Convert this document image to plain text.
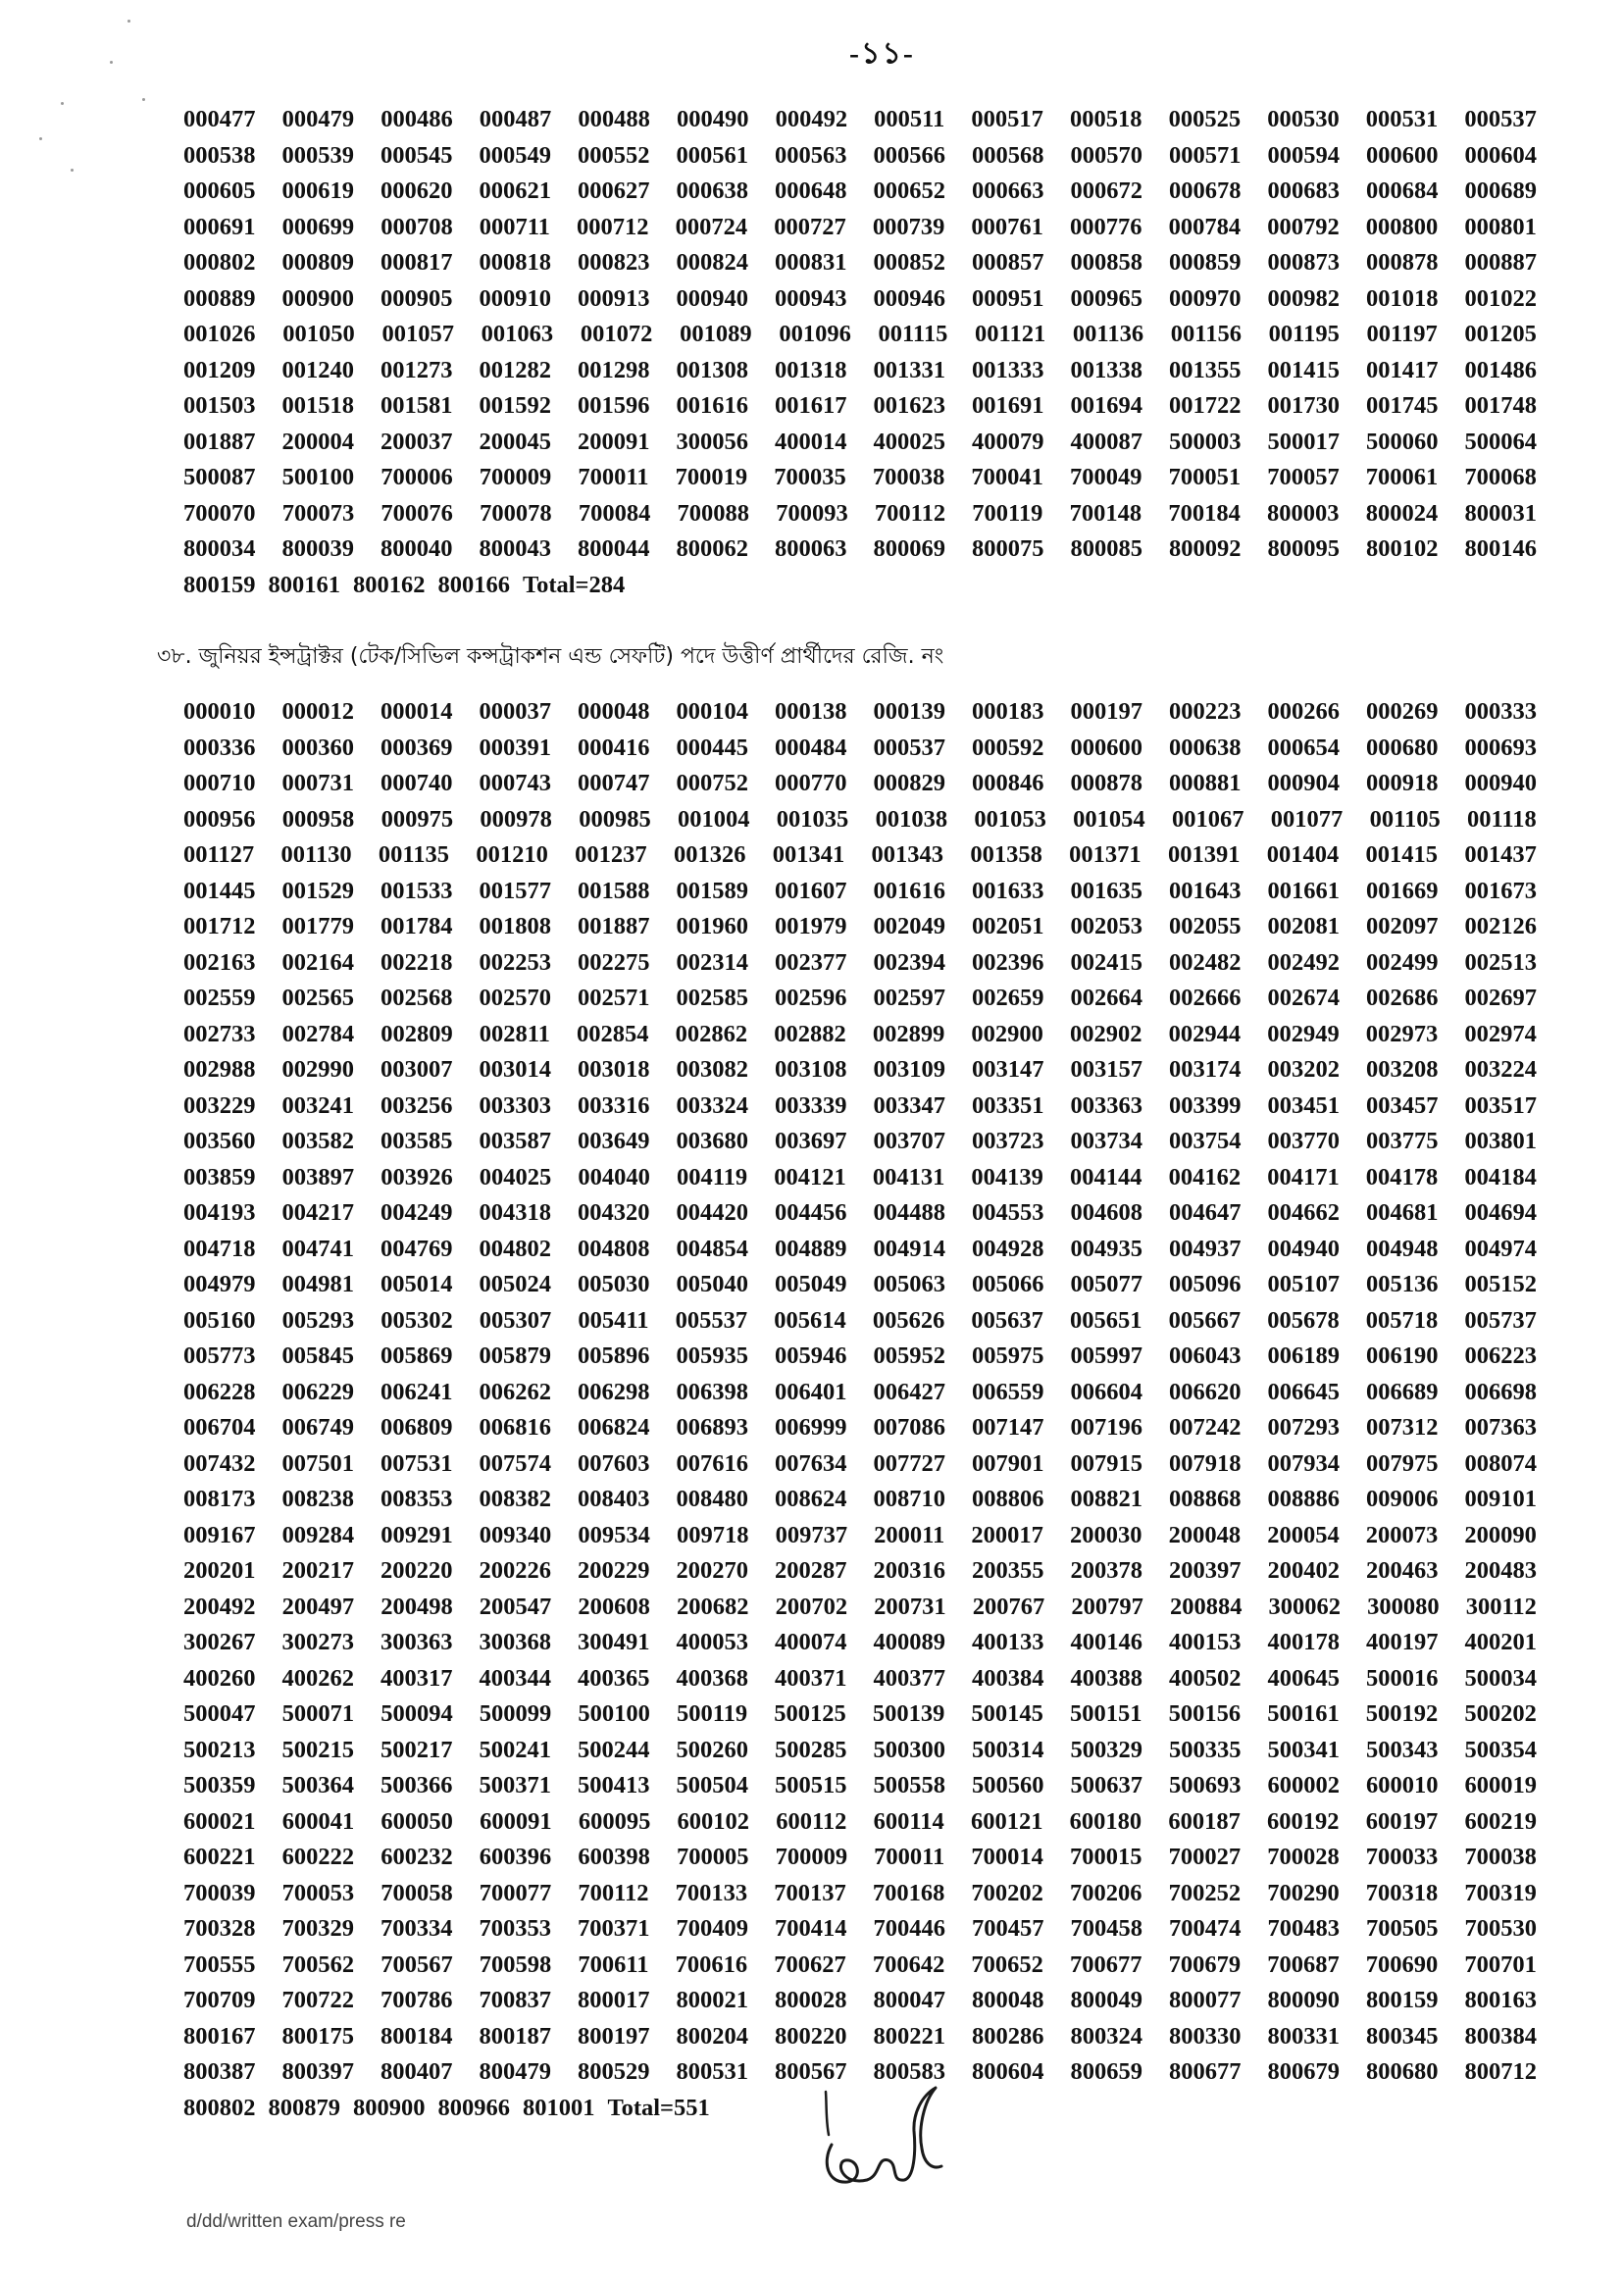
-১১-
000477 000479 000486 000487 000488 000490 000492 000511 000517 000518 000525 000530 000531 000537
000538 000539 000545 000549 000552 000561 000563 000566 000568 000570 000571 000594 000600 000604
000605 000619 000620 000621 000627 000638 000648 000652 000663 000672 000678 000683 000684 000689
000691 000699 000708 000711 000712 000724 000727 000739 000761 000776 000784 000792 000800 000801
000802 000809 000817 000818 000823 000824 000831 000852 000857 000858 000859 000873 000878 000887
000889 000900 000905 000910 000913 000940 000943 000946 000951 000965 000970 000982 001018 001022
001026 001050 001057 001063 001072 001089 001096 001115 001121 001136 001156 001195 001197 001205
001209 001240 001273 001282 001298 001308 001318 001331 001333 001338 001355 001415 001417 001486
001503 001518 001581 001592 001596 001616 001617 001623 001691 001694 001722 001730 001745 001748
001887 200004 200037 200045 200091 300056 400014 400025 400079 400087 500003 500017 500060 500064
500087 500100 700006 700009 700011 700019 700035 700038 700041 700049 700051 700057 700061 700068
700070 700073 700076 700078 700084 700088 700093 700112 700119 700148 700184 800003 800024 800031
800034 800039 800040 800043 800044 800062 800063 800069 800075 800085 800092 800095 800102 800146
800159 800161 800162 800166 Total=284
৩৮. জুনিয়র ইন্সট্রাক্টর (টেক/সিভিল কন্সট্রাকশন এন্ড সেফটি) পদে উত্তীর্ণ প্রার্থীদের রেজি. নং
000010 000012 000014 000037 000048 000104 000138 000139 000183 000197 000223 000266 000269 000333
000336 000360 000369 000391 000416 000445 000484 000537 000592 000600 000638 000654 000680 000693
000710 000731 000740 000743 000747 000752 000770 000829 000846 000878 000881 000904 000918 000940
000956 000958 000975 000978 000985 001004 001035 001038 001053 001054 001067 001077 001105 001118
001127 001130 001135 001210 001237 001326 001341 001343 001358 001371 001391 001404 001415 001437
001445 001529 001533 001577 001588 001589 001607 001616 001633 001635 001643 001661 001669 001673
001712 001779 001784 001808 001887 001960 001979 002049 002051 002053 002055 002081 002097 002126
002163 002164 002218 002253 002275 002314 002377 002394 002396 002415 002482 002492 002499 002513
002559 002565 002568 002570 002571 002585 002596 002597 002659 002664 002666 002674 002686 002697
002733 002784 002809 002811 002854 002862 002882 002899 002900 002902 002944 002949 002973 002974
002988 002990 003007 003014 003018 003082 003108 003109 003147 003157 003174 003202 003208 003224
003229 003241 003256 003303 003316 003324 003339 003347 003351 003363 003399 003451 003457 003517
003560 003582 003585 003587 003649 003680 003697 003707 003723 003734 003754 003770 003775 003801
003859 003897 003926 004025 004040 004119 004121 004131 004139 004144 004162 004171 004178 004184
004193 004217 004249 004318 004320 004420 004456 004488 004553 004608 004647 004662 004681 004694
004718 004741 004769 004802 004808 004854 004889 004914 004928 004935 004937 004940 004948 004974
004979 004981 005014 005024 005030 005040 005049 005063 005066 005077 005096 005107 005136 005152
005160 005293 005302 005307 005411 005537 005614 005626 005637 005651 005667 005678 005718 005737
005773 005845 005869 005879 005896 005935 005946 005952 005975 005997 006043 006189 006190 006223
006228 006229 006241 006262 006298 006398 006401 006427 006559 006604 006620 006645 006689 006698
006704 006749 006809 006816 006824 006893 006999 007086 007147 007196 007242 007293 007312 007363
007432 007501 007531 007574 007603 007616 007634 007727 007901 007915 007918 007934 007975 008074
008173 008238 008353 008382 008403 008480 008624 008710 008806 008821 008868 008886 009006 009101
009167 009284 009291 009340 009534 009718 009737 200011 200017 200030 200048 200054 200073 200090
200201 200217 200220 200226 200229 200270 200287 200316 200355 200378 200397 200402 200463 200483
200492 200497 200498 200547 200608 200682 200702 200731 200767 200797 200884 300062 300080 300112
300267 300273 300363 300368 300491 400053 400074 400089 400133 400146 400153 400178 400197 400201
400260 400262 400317 400344 400365 400368 400371 400377 400384 400388 400502 400645 500016 500034
500047 500071 500094 500099 500100 500119 500125 500139 500145 500151 500156 500161 500192 500202
500213 500215 500217 500241 500244 500260 500285 500300 500314 500329 500335 500341 500343 500354
500359 500364 500366 500371 500413 500504 500515 500558 500560 500637 500693 600002 600010 600019
600021 600041 600050 600091 600095 600102 600112 600114 600121 600180 600187 600192 600197 600219
600221 600222 600232 600396 600398 700005 700009 700011 700014 700015 700027 700028 700033 700038
700039 700053 700058 700077 700112 700133 700137 700168 700202 700206 700252 700290 700318 700319
700328 700329 700334 700353 700371 700409 700414 700446 700457 700458 700474 700483 700505 700530
700555 700562 700567 700598 700611 700616 700627 700642 700652 700677 700679 700687 700690 700701
700709 700722 700786 700837 800017 800021 800028 800047 800048 800049 800077 800090 800159 800163
800167 800175 800184 800187 800197 800204 800220 800221 800286 800324 800330 800331 800345 800384
800387 800397 800407 800479 800529 800531 800567 800583 800604 800659 800677 800679 800680 800712
800802 800879 800900 800966 801001 Total=551
d/dd/written exam/press re
